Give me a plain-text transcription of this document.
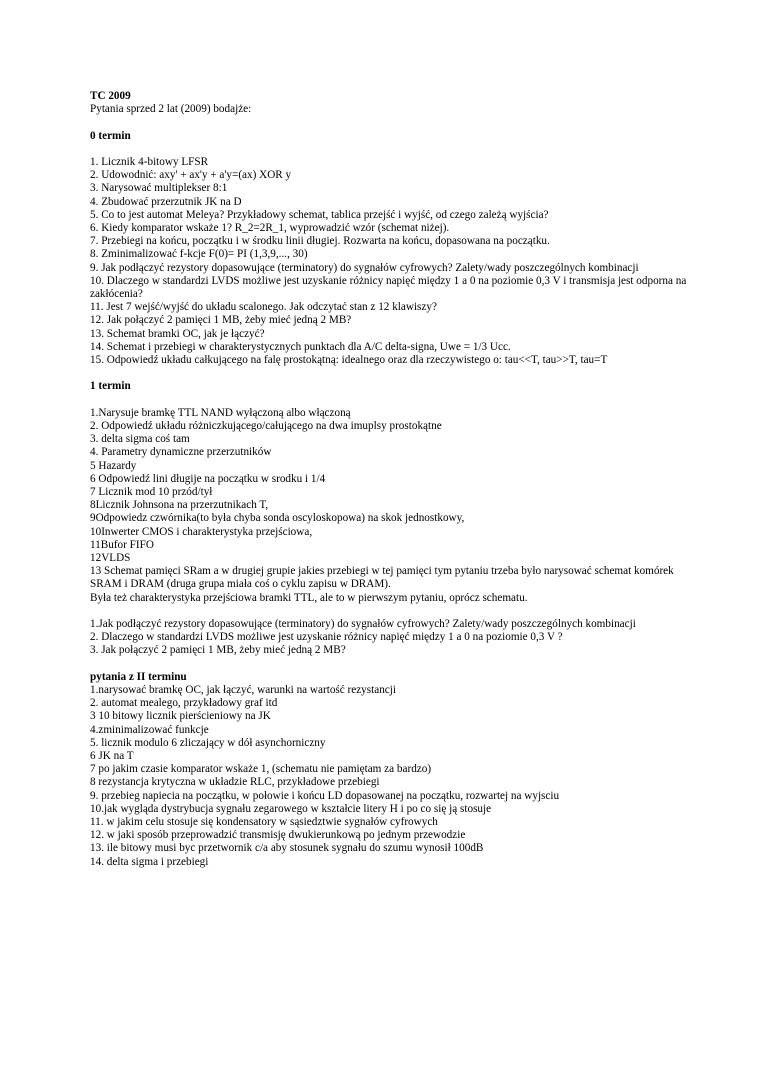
TC 2009
Pytania sprzed 2 lat (2009) bodajże:
0 termin
1. Licznik 4-bitowy LFSR
2. Udowodnić: axy' + ax'y + a'y=(ax) XOR y
3. Narysować multiplekser 8:1
4. Zbudować przerzutnik JK na D
5. Co to jest automat Meleya? Przykładowy schemat, tablica przejść i wyjść, od czego zależą wyjścia?
6. Kiedy komparator wskaże 1? R_2=2R_1, wyprowadzić wzór (schemat niżej).
7. Przebiegi na końcu, początku i w środku linii długiej. Rozwarta na końcu, dopasowana na początku.
8. Zminimalizować f-kcje F(0)= PI (1,3,9,..., 30)
9. Jak podłączyć rezystory dopasowujące (terminatory) do sygnałów cyfrowych? Zalety/wady poszczególnych kombinacji
10. Dlaczego w standardzi LVDS możliwe jest uzyskanie różnicy napięć między 1 a 0 na poziomie 0,3 V i transmisja jest odporna na zakłócenia?
11. Jest 7 wejść/wyjść do układu scalonego. Jak odczytać stan z 12 klawiszy?
12. Jak połączyć 2 pamięci 1 MB, żeby mieć jedną 2 MB?
13. Schemat bramki OC, jak je łączyć?
14. Schemat i przebiegi w charakterystycznych punktach dla A/C delta-signa, Uwe = 1/3 Ucc.
15. Odpowiedź układu całkującego na falę prostokątną: idealnego oraz dla rzeczywistego o: tau<<T, tau>>T, tau=T
1 termin
1.Narysuje bramkę TTL NAND wyłączoną albo włączoną
2. Odpowiedź układu różniczkującego/całującego na dwa imuplsy prostokątne
3. delta sigma coś tam
4. Parametry dynamiczne przerzutników
5 Hazardy
6 Odpowiedź lini długije na początku w srodku i 1/4
7 Licznik mod 10 przód/tył
8Licznik Johnsona na przerzutnikach T,
9Odpowiedz czwórnika(to była chyba sonda oscyloskopowa) na skok jednostkowy,
10Inwerter CMOS i charakterystyka przejściowa,
11Bufor FIFO
12VLDS
13 Schemat pamięci SRam a w drugiej grupie jakies przebiegi w tej pamięci tym pytaniu trzeba było narysować schemat komórek SRAM i DRAM (druga grupa miała coś o cyklu zapisu w DRAM).
Była też charakterystyka przejściowa bramki TTL, ale to w pierwszym pytaniu, oprócz schematu.
1.Jak podłączyć rezystory dopasowujące (terminatory) do sygnałów cyfrowych? Zalety/wady poszczególnych kombinacji
2. Dlaczego w standardzi LVDS możliwe jest uzyskanie różnicy napięć między 1 a 0 na poziomie 0,3 V ?
3. Jak połączyć 2 pamięci 1 MB, żeby mieć jedną 2 MB?
pytania z II terminu
1.narysować bramkę OC, jak łączyć, warunki na wartość rezystancji
2. automat mealego, przykładowy graf itd
3 10 bitowy licznik pierścieniowy na JK
4.zminimalizować funkcje
5. licznik modulo 6 zliczający w dół asynchorniczny
6 JK na T
7 po jakim czasie komparator wskaże 1, (schematu nie pamiętam za bardzo)
8 rezystancja krytyczna w układzie RLC, przykładowe przebiegi
9. przebieg napiecia na początku, w połowie i końcu LD dopasowanej na początku, rozwartej na wyjsciu
10.jak wygląda dystrybucja sygnału zegarowego w kształcie litery H i po co się ją stosuje
11. w jakim celu stosuje się kondensatory w sąsiedztwie sygnałów cyfrowych
12. w jaki sposób przeprowadzić transmisję dwukierunkową po jednym przewodzie
13. ile bitowy musi byc przetwornik c/a aby stosunek sygnału do szumu wynosił 100dB
14. delta sigma i przebiegi
